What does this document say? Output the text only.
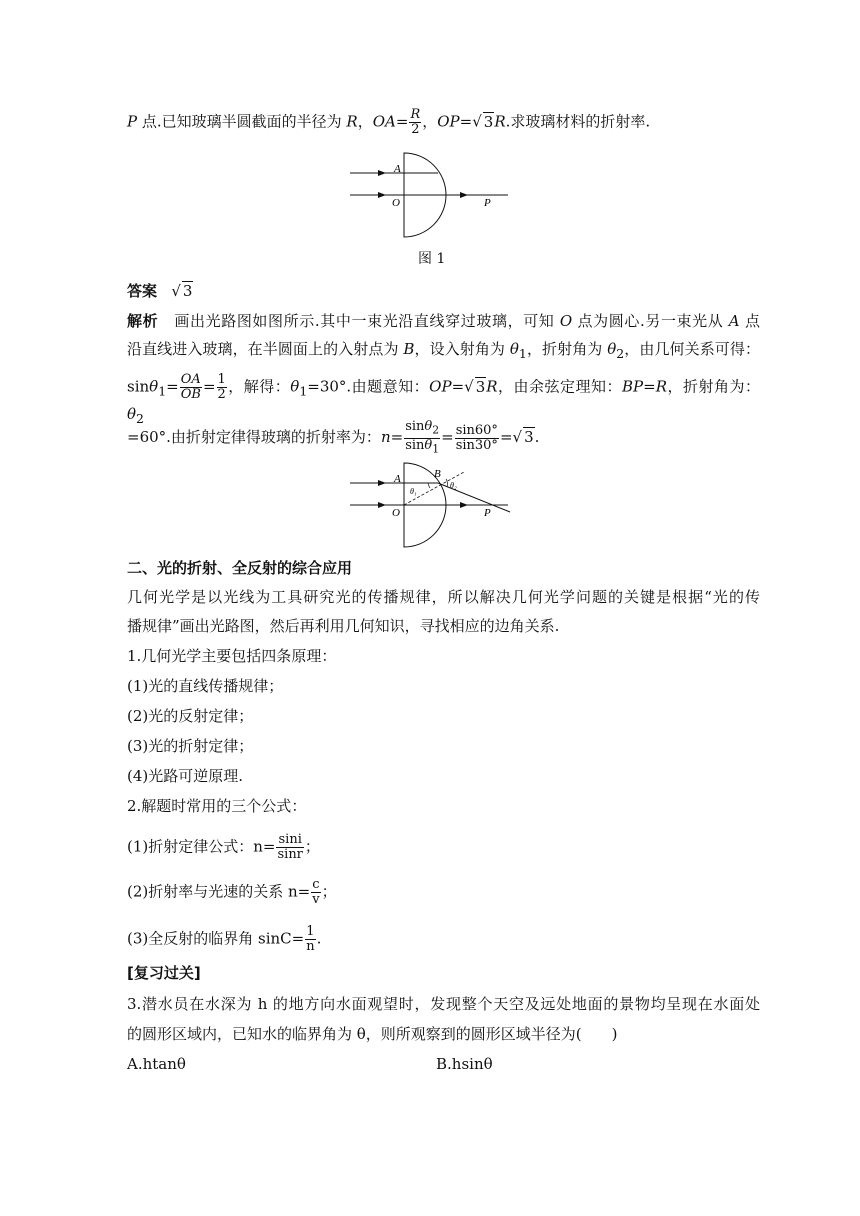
P 点.已知玻璃半圆截面的半径为 R，$OA= \frac{R}{2}$ ，OP=√ 3R.求玻璃材料的折射率.
A
O	P
图 1
答案   √ 3
解析   画出光路图如图所示.其中一束光沿直线穿过玻璃，可知 O 点为圆心.另一束光从 A 点
沿直线进入玻璃，在半圆面上的入射点为 B，设入射角为 $\theta_1$，折射角为 $\theta_2$，由几何关系可得：
$\sin\theta_1= \frac{OA}{OB} = \frac{1}{2}$ ，解得：$\theta_1=30^\circ$.由题意知：OP=√ 3R，由余弦定理知：BP=R，折射角为：$\theta_2$
=60°.由折射定律得玻璃的折射率为：$n= \frac{\sin\theta_2}{\sin\theta_1} = \frac{\sin 60^\circ}{\sin 30^\circ}$ =√ 3.
A
O	P
B
θ₁
θ₂
二、光的折射、全反射的综合应用
几何光学是以光线为工具研究光的传播规律，所以解决几何光学问题的关键是根据“光的传
播规律”画出光路图，然后再利用几何知识，寻找相应的边角关系.
1.几何光学主要包括四条原理：
(1)光的直线传播规律；
(2)光的反射定律；
(3)光的折射定律；
(4)光路可逆原理.
2.解题时常用的三个公式：
(1)折射定律公式：$n= \frac{\sin i}{\sin r}$ ；
(2)折射率与光速的关系 $n= \frac{c}{v}$ ；
(3)全反射的临界角 $\sin C= \frac{1}{n}$ .
[复习过关]
3.潜水员在水深为 h 的地方向水面观望时，发现整个天空及远处地面的景物均呈现在水面处
的圆形区域内，已知水的临界角为 θ，则所观察到的圆形区域半径为(　　)
A.htanθ	B.hsinθ
